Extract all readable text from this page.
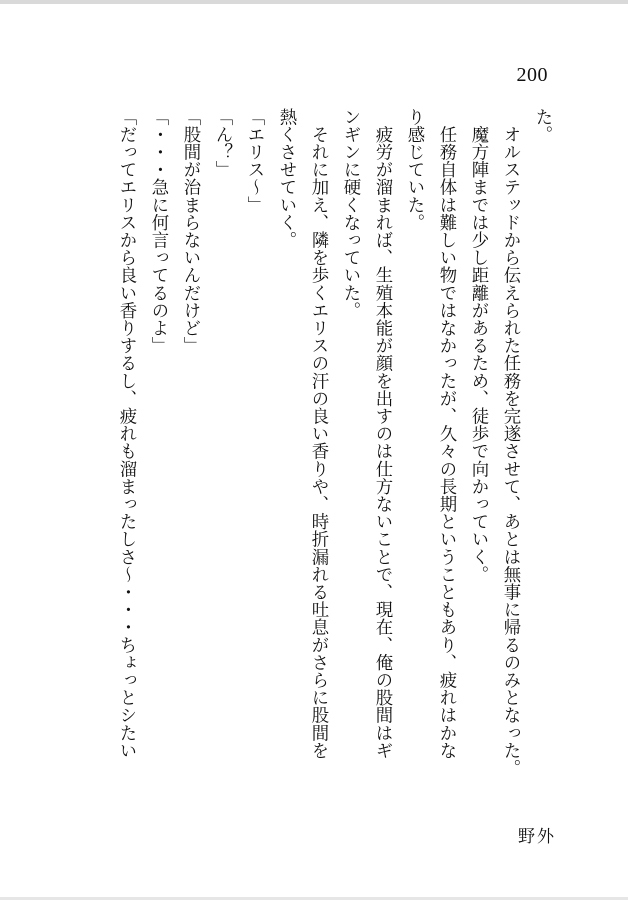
200
た。
　オルステッドから伝えられた任務を完遂させて、あとは無事に帰るのみとなった。
　魔方陣までは少し距離があるため、徒歩で向かっていく。
　任務自体は難しい物ではなかったが、久々の長期ということもあり、疲れはかな
り感じていた。
　疲労が溜まれば、生殖本能が顔を出すのは仕方ないことで、現在、俺の股間はギ
ンギンに硬くなっていた。
　それに加え、隣を歩くエリスの汗の良い香りや、時折漏れる吐息がさらに股間を
熱くさせていく。
「エリス～」
「ん？」
「股間が治まらないんだけど」
「・・・急に何言ってるのよ」
「だってエリスから良い香りするし、疲れも溜まったしさ～・・・ちょっとシたい
野外
